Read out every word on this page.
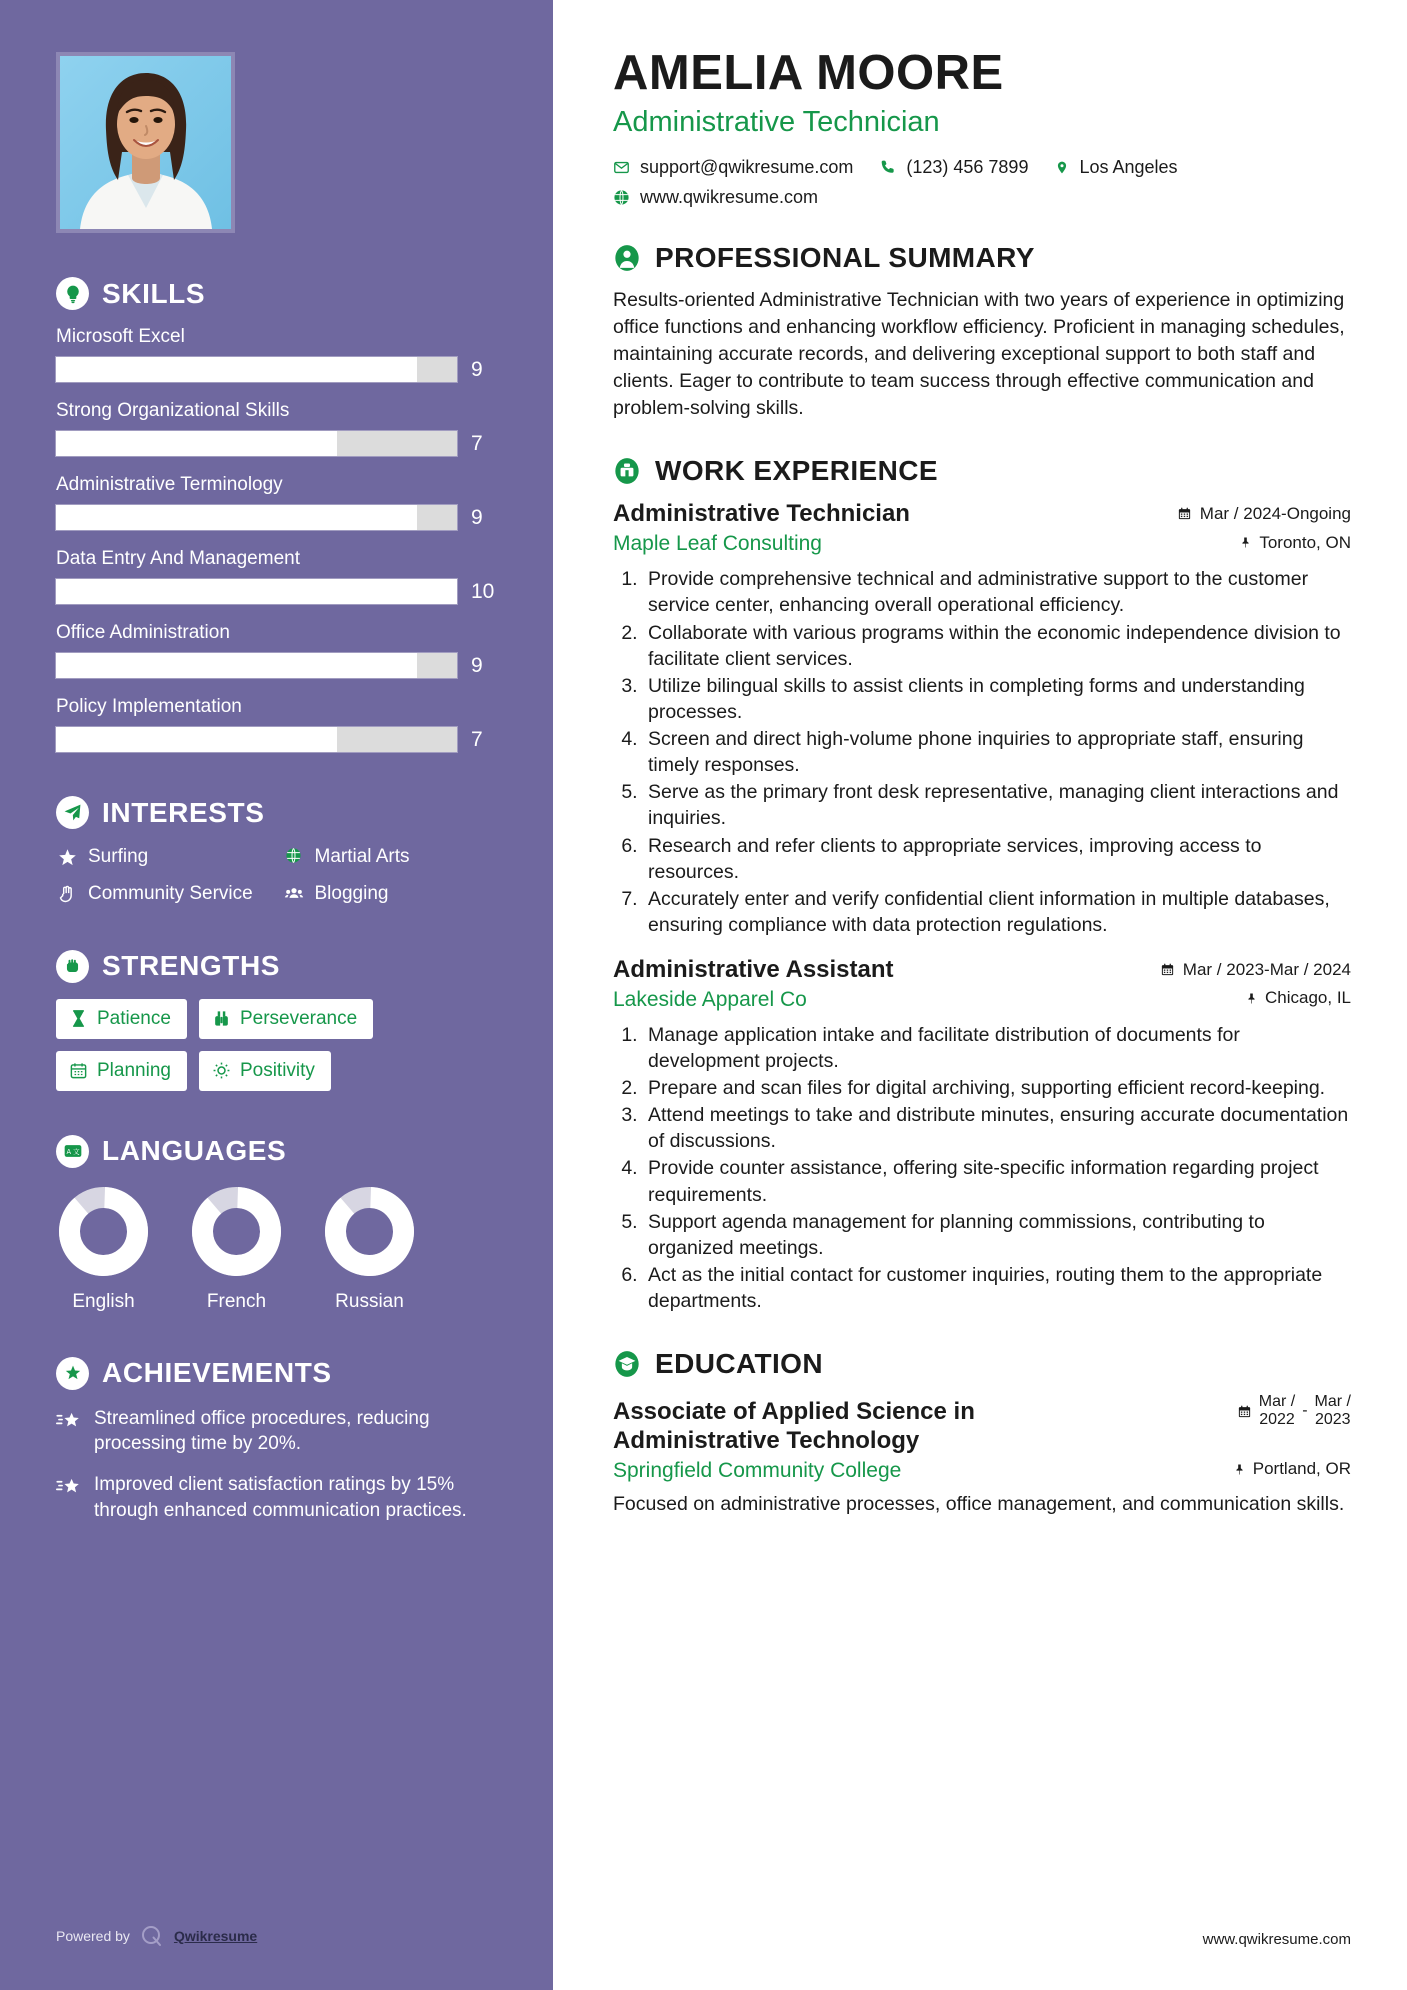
SKILLS
Microsoft Excel
9
Strong Organizational Skills
7
Administrative Terminology
9
Data Entry And Management
10
Office Administration
9
Policy Implementation
7
INTERESTS
Surfing	Martial Arts
Community Service	Blogging
STRENGTHS
Patience	Perseverance
Planning	Positivity
A 文 LANGUAGES
English	French	Russian
ACHIEVEMENTS
Streamlined office procedures, reducing processing time by 20%.
Improved client satisfaction ratings by 15% through enhanced communication practices.
Powered by	Qwikresume
AMELIA MOORE
Administrative Technician
support@qwikresume.com	(123) 456 7899	Los Angeles
www.qwikresume.com
PROFESSIONAL SUMMARY

Results-oriented Administrative Technician with two years of experience in optimizing office functions and enhancing workflow efficiency. Proficient in managing schedules, maintaining accurate records, and delivering exceptional support to both staff and clients. Eager to contribute to team success through effective communication and problem-solving skills.

WORK EXPERIENCE
Administrative Technician	Mar / 2024-Ongoing
Maple Leaf Consulting	Toronto, ON
1. Provide comprehensive technical and administrative support to the customer service center, enhancing overall operational efficiency.
2. Collaborate with various programs within the economic independence division to facilitate client services.
3. Utilize bilingual skills to assist clients in completing forms and understanding processes.
4. Screen and direct high-volume phone inquiries to appropriate staff, ensuring timely responses.
5. Serve as the primary front desk representative, managing client interactions and inquiries.
6. Research and refer clients to appropriate services, improving access to resources.
7. Accurately enter and verify confidential client information in multiple databases, ensuring compliance with data protection regulations.
Administrative Assistant	Mar / 2023-Mar / 2024
Lakeside Apparel Co	Chicago, IL
1. Manage application intake and facilitate distribution of documents for development projects.
2. Prepare and scan files for digital archiving, supporting efficient record-keeping.
3. Attend meetings to take and distribute minutes, ensuring accurate documentation of discussions.
4. Provide counter assistance, offering site-specific information regarding project requirements.
5. Support agenda management for planning commissions, contributing to organized meetings.
6. Act as the initial contact for customer inquiries, routing them to the appropriate departments.
EDUCATION
Associate of Applied Science in Administrative Technology
Mar /
2022
-
Mar /
2023
Springfield Community College	Portland, OR
Focused on administrative processes, office management, and communication skills.
www.qwikresume.com
